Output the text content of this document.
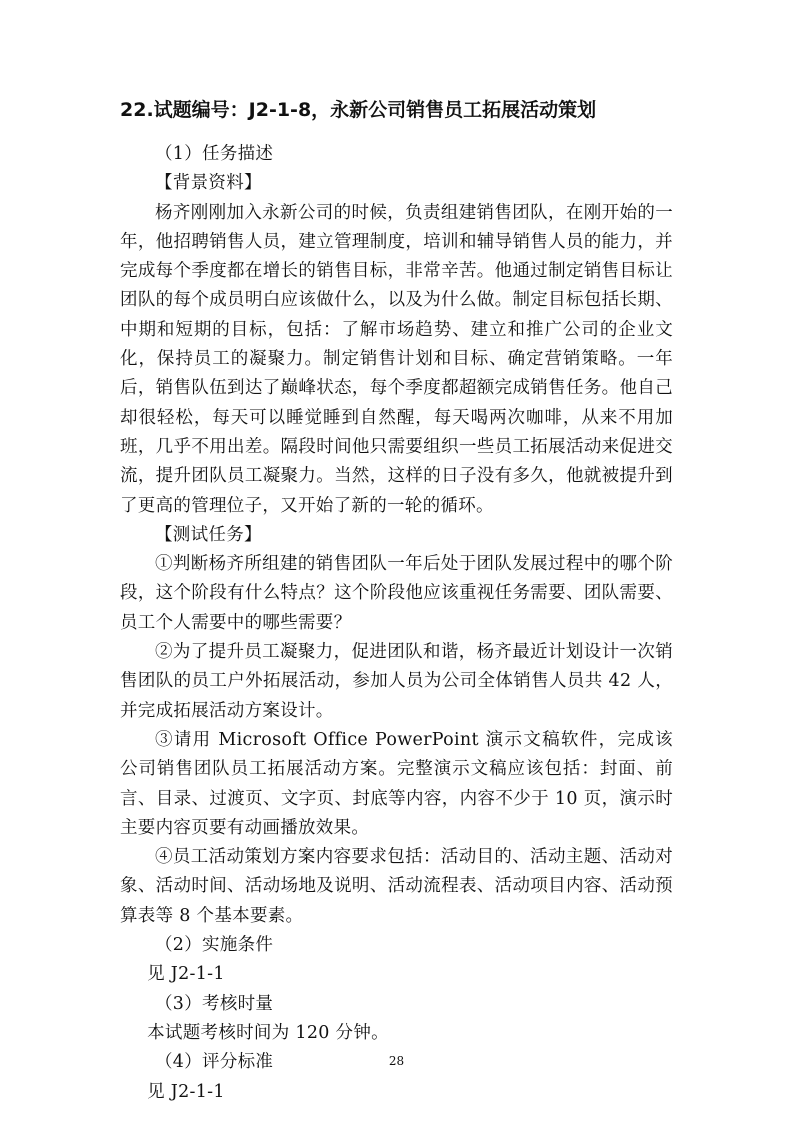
22.试题编号：J2-1-8，永新公司销售员工拓展活动策划

（1）任务描述

【背景资料】

杨齐刚刚加入永新公司的时候，负责组建销售团队，在刚开始的一年，他招聘销售人员，建立管理制度，培训和辅导销售人员的能力，并完成每个季度都在增长的销售目标，非常辛苦。他通过制定销售目标让团队的每个成员明白应该做什么，以及为什么做。制定目标包括长期、中期和短期的目标，包括：了解市场趋势、建立和推广公司的企业文化，保持员工的凝聚力。制定销售计划和目标、确定营销策略。一年后，销售队伍到达了巅峰状态，每个季度都超额完成销售任务。他自己却很轻松，每天可以睡觉睡到自然醒，每天喝两次咖啡，从来不用加班，几乎不用出差。隔段时间他只需要组织一些员工拓展活动来促进交流，提升团队员工凝聚力。当然，这样的日子没有多久，他就被提升到了更高的管理位子，又开始了新的一轮的循环。

【测试任务】

①判断杨齐所组建的销售团队一年后处于团队发展过程中的哪个阶段，这个阶段有什么特点？这个阶段他应该重视任务需要、团队需要、员工个人需要中的哪些需要？

②为了提升员工凝聚力，促进团队和谐，杨齐最近计划设计一次销售团队的员工户外拓展活动，参加人员为公司全体销售人员共 42 人，并完成拓展活动方案设计。

③请用 Microsoft Office PowerPoint 演示文稿软件，完成该公司销售团队员工拓展活动方案。完整演示文稿应该包括：封面、前言、目录、过渡页、文字页、封底等内容，内容不少于 10 页，演示时主要内容页要有动画播放效果。

④员工活动策划方案内容要求包括：活动目的、活动主题、活动对象、活动时间、活动场地及说明、活动流程表、活动项目内容、活动预算表等 8 个基本要素。

（2）实施条件

见 J2-1-1

（3）考核时量

本试题考核时间为 120 分钟。

（4）评分标准

见 J2-1-1

28
